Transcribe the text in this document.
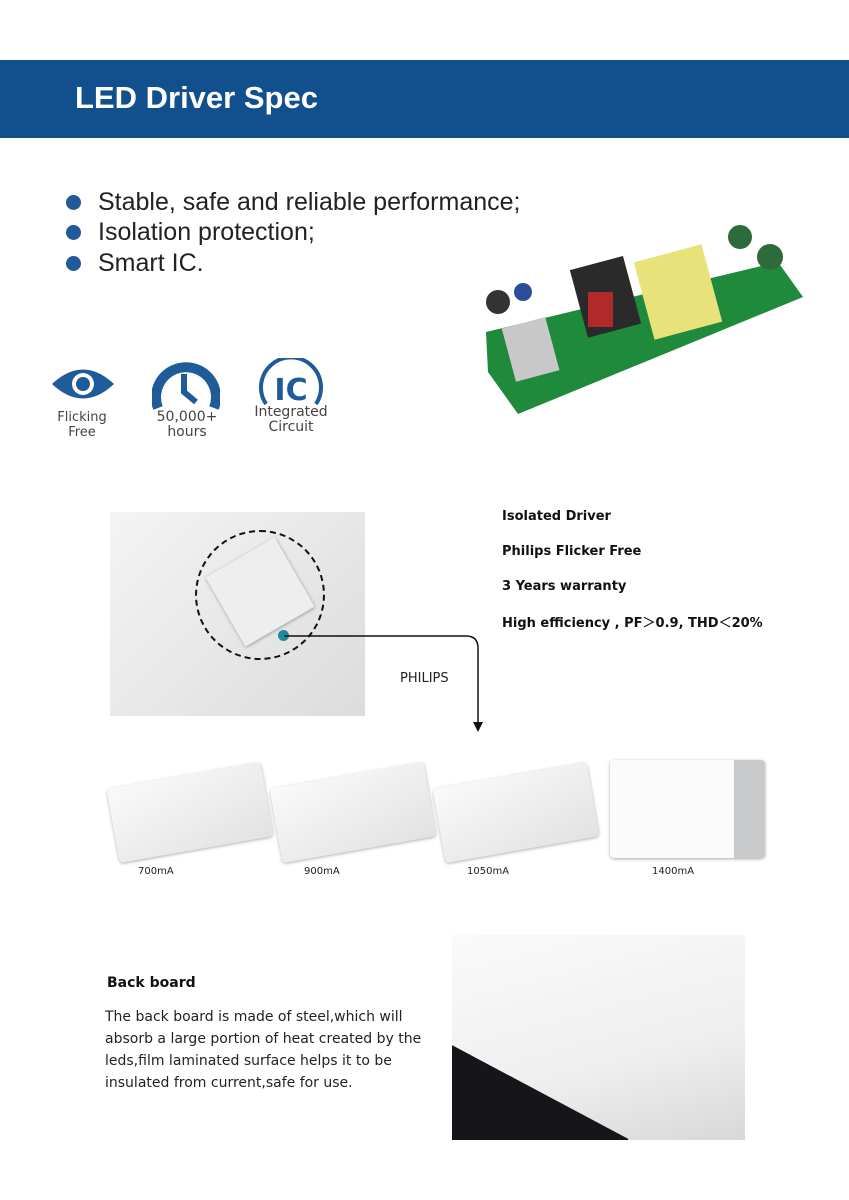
LED Driver Spec
Stable, safe and reliable performance;
Isolation protection;
Smart IC.
Flicking
Free
50,000+
hours
IC
Integrated
Circuit
Isolated Driver
Philips Flicker Free
3 Years warranty
High efficiency , PF＞0.9, THD＜20%
PHILIPS
700mA	900mA	1050mA	1400mA
Back board
The back board is made of steel,which will absorb a large portion of heat created by the leds,film laminated surface helps it to be insulated from current,safe for use.
